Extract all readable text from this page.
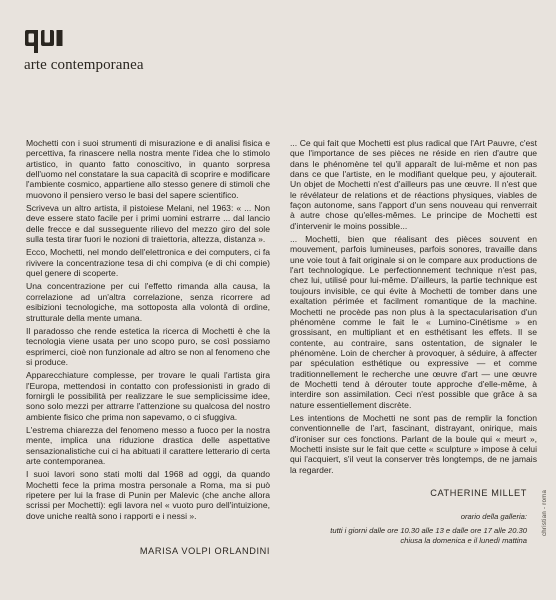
arte contemporanea

Mochetti con i suoi strumenti di misurazione e di analisi fisica e percettiva, fa rinascere nella nostra mente l'idea che lo stimolo artistico, in quanto fatto conoscitivo, in quanto sorpresa dell'uomo nel constatare la sua capacità di scoprire e modificare l'ambiente cosmico, appartiene allo stesso genere di stimoli che muovono il pensiero verso le basi del sapere scientifico.

Scriveva un altro artista, il pistoiese Melani, nel 1963: « ... Non deve essere stato facile per i primi uomini estrarre ... dal lancio delle frecce e dal susseguente rilievo del mezzo giro del sole sulla testa tirar fuori le nozioni di traiettoria, altezza, distanza ».

Ecco, Mochetti, nel mondo dell'elettronica e dei computers, ci fa rivivere la concentrazione tesa di chi compiva (e di chi compie) quel genere di scoperte.

Una concentrazione per cui l'effetto rimanda alla causa, la correlazione ad un'altra correlazione, senza ricorrere ad esibizioni tecnologiche, ma sottoposta alla volontà di ordine, strutturale della mente umana.

Il paradosso che rende estetica la ricerca di Mochetti è che la tecnologia viene usata per uno scopo puro, se così possiamo esprimerci, cioè non funzionale ad altro se non al fenomeno che si produce.

Apparecchiature complesse, per trovare le quali l'artista gira l'Europa, mettendosi in contatto con professionisti in grado di fornirgli le possibilità per realizzare le sue semplicissime idee, sono solo mezzi per attrarre l'attenzione su qualcosa del nostro ambiente fisico che prima non sapevamo, o ci sfuggiva.

L'estrema chiarezza del fenomeno messo a fuoco per la nostra mente, implica una riduzione drastica delle aspettative sensazionalistiche cui ci ha abituati il carattere letterario di certa arte contemporanea.

I suoi lavori sono stati molti dal 1968 ad oggi, da quando Mochetti fece la prima mostra personale a Roma, ma si può ripetere per lui la frase di Punin per Malevic (che anche allora scrissi per Mochetti): egli lavora nel « vuoto puro dell'intuizione, dove uniche realtà sono i rapporti e i nessi ».

MARISA VOLPI ORLANDINI

... Ce qui fait que Mochetti est plus radical que l'Art Pauvre, c'est que l'importance de ses pièces ne réside en rien d'autre que dans le phénomène tel qu'il apparaît de lui-même et non pas dans ce que l'artiste, en le modifiant quelque peu, y ajouterait. Un objet de Mochetti n'est d'ailleurs pas une œuvre. Il n'est que le révélateur de relations et de réactions physiques, viables de façon autonome, sans l'apport d'un sens nouveau qui renverrait à autre chose qu'elles-mêmes. Le principe de Mochetti est d'intervenir le moins possible...

... Mochetti, bien que réalisant des pièces souvent en mouvement, parfois lumineuses, parfois sonores, travaille dans une voie tout à fait originale si on le compare aux productions de l'art technologique. Le perfectionnement technique n'est pas, chez lui, utilisé pour lui-même. D'ailleurs, la partie technique est toujours invisible, ce qui évite à Mochetti de tomber dans une exaltation périmée et facilment romantique de la machine. Mochetti ne procède pas non plus à la spectacularisation d'un phénomène comme le fait le « Lumino-Cinétisme » en grossisant, en multipliant et en esthétisant les effets. Il se contente, au contraire, sans ostentation, de signaler le phénomène. Loin de chercher à provoquer, à séduire, à affecter par spéculation esthétique ou expressive — et comme traditionnellement le recherche une œuvre d'art — une œuvre de Mochetti tend à dérouter toute approche d'elle-même, à interdire son assimilation. Ceci n'est possible que grâce à sa nature essentiellement discrète.

Les intentions de Mochetti ne sont pas de remplir la fonction conventionnelle de l'art, fascinant, distrayant, onirique, mais d'ironiser sur ces fonctions. Parlant de la boule qui « meurt », Mochetti insiste sur le fait que cette « sculpture » impose à celui qui l'acquiert, s'il veut la conserver très longtemps, de ne jamais la regarder.

CATHERINE MILLET
orario della galleria:
tutti i giorni dalle ore 10.30 alle 13 e dalle ore 17 alle 20.30
chiusa la domenica e il lunedì mattina
christian - roma
